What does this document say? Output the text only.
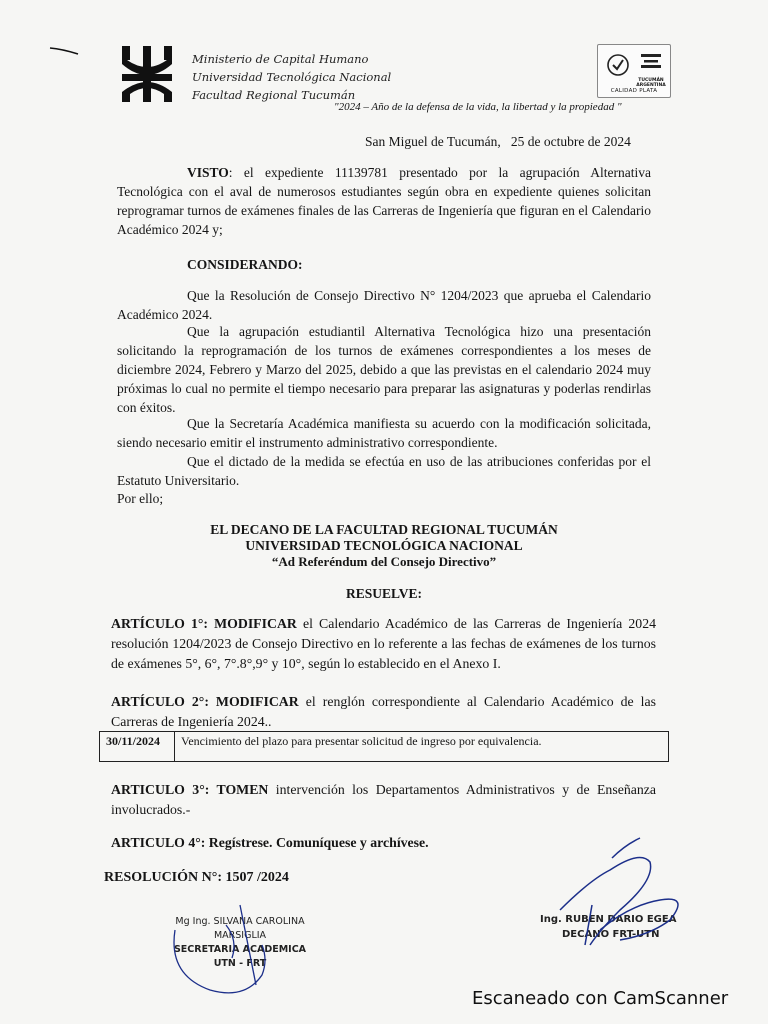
Ministerio de Capital Humano
Universidad Tecnológica Nacional
Facultad Regional Tucumán
TUCUMÁN ARGENTINA
CALIDAD PLATA
"2024 – Año de la defensa de la vida, la libertad y la propiedad "
San Miguel de Tucumán,   25 de octubre de 2024
VISTO: el expediente 11139781 presentado por la agrupación Alternativa Tecnológica con el aval de numerosos estudiantes según obra en expediente quienes solicitan reprogramar turnos de exámenes finales de las Carreras de Ingeniería que figuran en el Calendario Académico 2024 y;
CONSIDERANDO:
Que la Resolución de Consejo Directivo N° 1204/2023 que aprueba el Calendario Académico 2024.
Que la agrupación estudiantil Alternativa Tecnológica hizo una presentación solicitando la reprogramación de los turnos de exámenes correspondientes a los meses de diciembre 2024, Febrero y Marzo del 2025, debido a que las previstas en el calendario 2024 muy próximas lo cual no permite el tiempo necesario para preparar las asignaturas y poderlas rendirlas con éxitos.
Que la Secretaría Académica manifiesta su acuerdo con la modificación solicitada, siendo necesario emitir el instrumento administrativo correspondiente.
Que el dictado de la medida se efectúa en uso de las atribuciones conferidas por el Estatuto Universitario.
Por ello;
EL DECANO DE LA FACULTAD REGIONAL TUCUMÁN
UNIVERSIDAD TECNOLÓGICA NACIONAL
“Ad Referéndum del Consejo Directivo”
RESUELVE:
ARTÍCULO 1°: MODIFICAR el Calendario Académico de las Carreras de Ingeniería 2024 resolución 1204/2023 de Consejo Directivo en lo referente a las fechas de exámenes de los turnos de exámenes 5°, 6°, 7°.8°,9° y 10°, según lo establecido en el Anexo I.
ARTÍCULO 2°: MODIFICAR el renglón correspondiente al Calendario Académico de las Carreras de Ingeniería 2024..
30/11/2024	Vencimiento del plazo para presentar solicitud de ingreso por equivalencia.
ARTICULO 3°: TOMEN intervención los Departamentos Administrativos y de Enseñanza involucrados.-
ARTICULO 4°: Regístrese. Comuníquese y archívese.
RESOLUCIÓN N°: 1507 /2024
Mg Ing. SILVANA CAROLINA MARSIGLIA
SECRETARIA ACADEMICA
UTN - FRT
Ing. RUBEN DARIO EGEA
DECANO FRT-UTN
Escaneado con CamScanner
